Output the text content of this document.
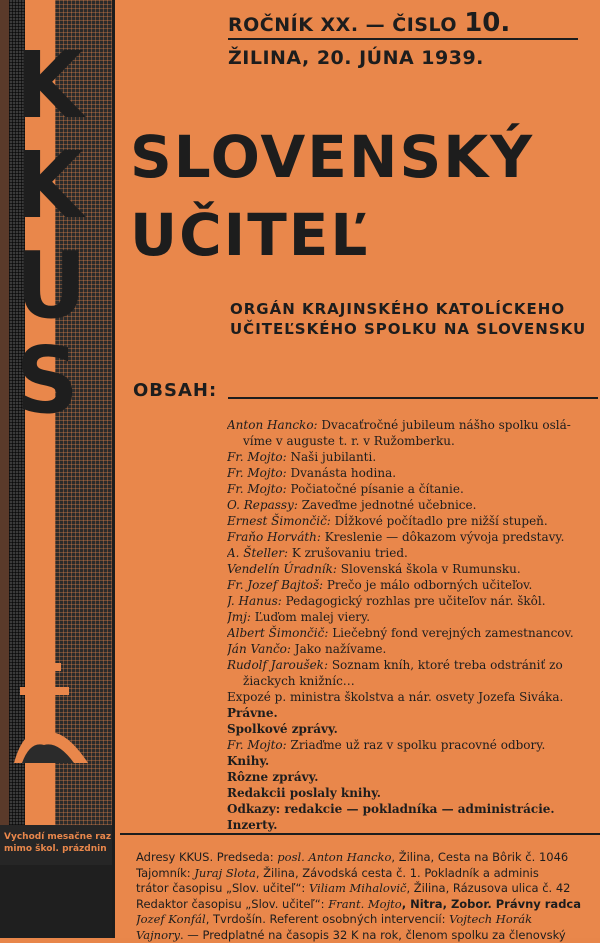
K
K
U
S
Vychodí mesačne raz
mimo škol. prázdnin
ROČNÍK XX. — ČISLO 10.
ŽILINA, 20. JÚNA 1939.
SLOVENSKÝ
UČITEĽ
ORGÁN KRAJINSKÉHO KATOLÍCKEHO
UČITEĽSKÉHO SPOLKU NA SLOVENSKU
OBSAH:
Anton Hancko: Dvacaťročné jubileum nášho spolku oslá-
víme v auguste t. r. v Ružomberku.
Fr. Mojto: Naši jubilanti.
Fr. Mojto: Dvanásta hodina.
Fr. Mojto: Počiatočné písanie a čítanie.
O. Repassy: Zaveďme jednotné učebnice.
Ernest Šimončič: Dĺžkové počítadlo pre nižší stupeň.
Fraňo Horváth: Kreslenie — dôkazom vývoja predstavy.
A. Šteller: K zrušovaniu tried.
Vendelín Úradník: Slovenská škola v Rumunsku.
Fr. Jozef Bajtoš: Prečo je málo odborných učiteľov.
J. Hanus: Pedagogický rozhlas pre učiteľov nár. škôl.
Jmj: Ľuďom malej viery.
Albert Šimončič: Liečebný fond verejných zamestnancov.
Ján Vančo: Jako nažívame.
Rudolf Jaroušek: Soznam kníh, ktoré treba odstrániť zo
žiackych knižníc…
Expozé p. ministra školstva a nár. osvety Jozefa Siváka.
Právne.
Spolkové zprávy.
Fr. Mojto: Zriaďme už raz v spolku pracovné odbory.
Knihy.
Rôzne zprávy.
Redakcii poslaly knihy.
Odkazy: redakcie — pokladníka — administrácie.
Inzerty.
Adresy KKUS. Predseda: posl. Anton Hancko, Žilina, Cesta na Bôrik č. 1046
Tajomník: Juraj Slota, Žilina, Závodská cesta č. 1. Pokladník a adminis
trátor časopisu „Slov. učiteľ“: Viliam Mihalovič, Žilina, Rázusova ulica č. 42
Redaktor časopisu „Slov. učiteľ“: Frant. Mojto, Nitra, Zobor. Právny radca
Jozef Konfál, Tvrdošín. Referent osobných intervencií: Vojtech Horák
Vajnory. — Predplatné na časopis 32 K na rok, členom spolku za členovský
